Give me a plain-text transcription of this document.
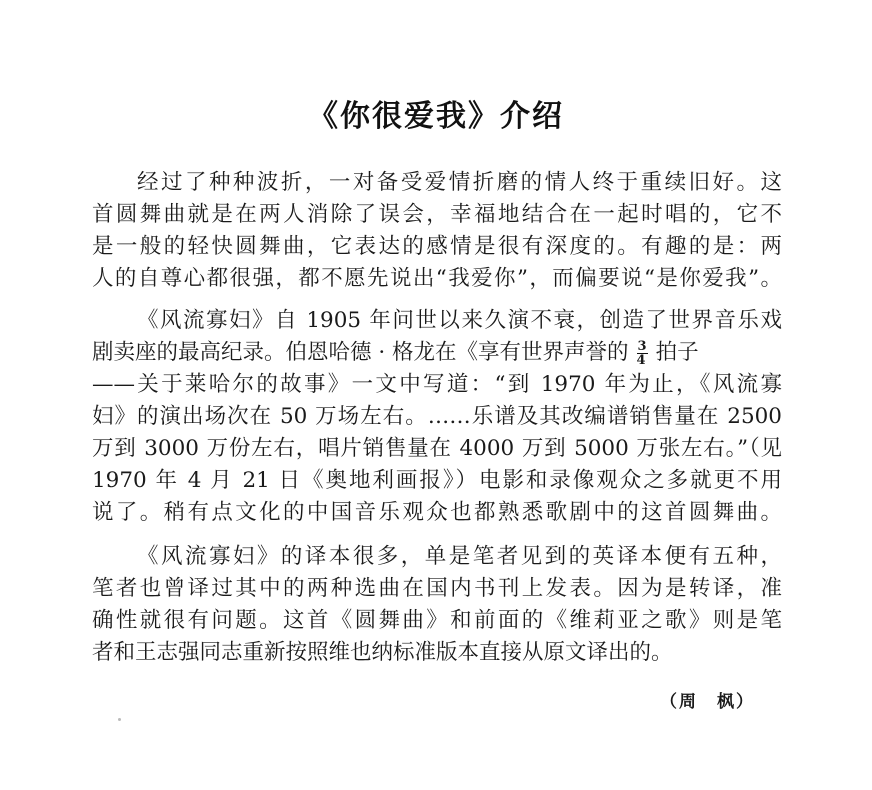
《你很爱我》介绍

经过了种种波折，一对备受爱情折磨的情人终于重续旧好。这

首圆舞曲就是在两人消除了误会，幸福地结合在一起时唱的，它不

是一般的轻快圆舞曲，它表达的感情是很有深度的。有趣的是：两

人的自尊心都很强，都不愿先说出“我爱你”，而偏要说“是你爱我”。

《风流寡妇》自 1905 年问世以来久演不衰，创造了世界音乐戏

剧卖座的最高纪录。伯恩哈德 · 格龙在《享有世界声誉的 $\frac{3}{4}$ 拍子

——关于莱哈尔的故事》一文中写道：“到 1970 年为止，《风流寡

妇》的演出场次在 50 万场左右。……乐谱及其改编谱销售量在 2500

万到 3000 万份左右，唱片销售量在 4000 万到 5000 万张左右。”（见

1970 年 4 月 21 日《奥地利画报》）电影和录像观众之多就更不用

说了。稍有点文化的中国音乐观众也都熟悉歌剧中的这首圆舞曲。

《风流寡妇》的译本很多，单是笔者见到的英译本便有五种，

笔者也曾译过其中的两种选曲在国内书刊上发表。因为是转译，准

确性就很有问题。这首《圆舞曲》和前面的《维莉亚之歌》则是笔

者和王志强同志重新按照维也纳标准版本直接从原文译出的。

（周　枫）
